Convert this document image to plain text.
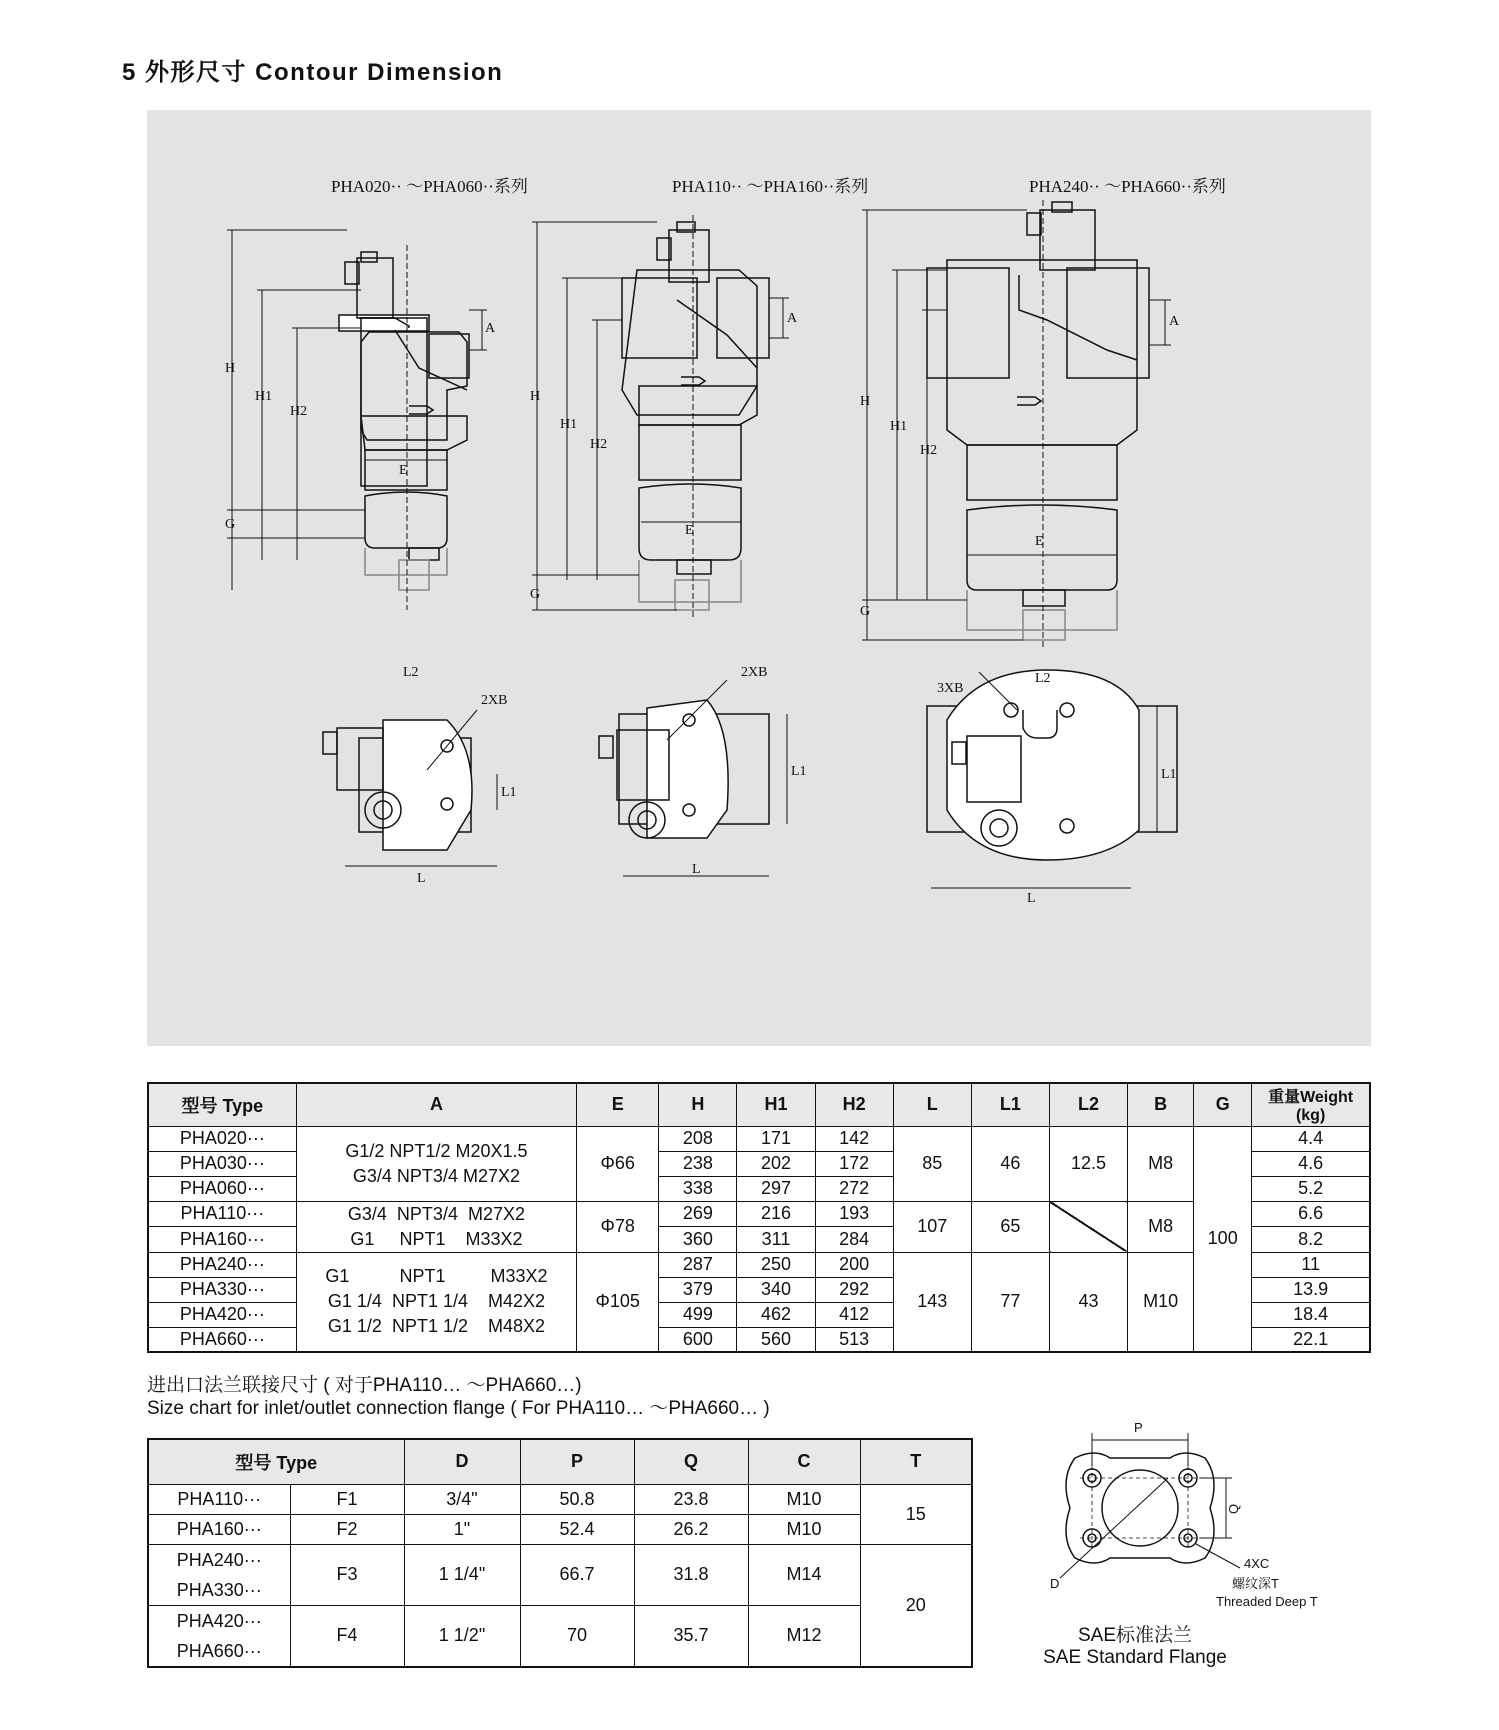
5 外形尺寸 Contour Dimension
PHA020·· ～PHA060··系列	PHA110·· ～PHA160··系列	PHA240·· ～PHA660··系列
H
H1
H2
G
A
E
H
H1
H2
G
A
E
H
H1
H2
G
A
E
L
L1
L2
2XB
L
L1
2XB
L
L1
L2
3XB
型号 Type	A	E	H	H1	H2	L	L1	L2	B	G	重量Weight (kg)
PHA020···	G1/2 NPT1/2 M20X1.5
G3/4 NPT3/4 M27X2	Φ66	208	171	142	85	46	12.5	M8	100	4.4
PHA030···			238	202	172						4.6
PHA060···			338	297	272						5.2
PHA110···	G3/4  NPT3/4  M27X2
G1     NPT1    M33X2	Φ78	269	216	193	107	65		M8		6.6
PHA160···			360	311	284						8.2
PHA240···	G1          NPT1         M33X2
G1 1/4  NPT1 1/4    M42X2
G1 1/2  NPT1 1/2    M48X2	Φ105	287	250	200	143	77	43	M10		11
PHA330···			379	340	292						13.9
PHA420···			499	462	412						18.4
PHA660···			600	560	513						22.1
进出口法兰联接尺寸 ( 对于PHA110… ～PHA660…)
Size chart for inlet/outlet connection flange ( For PHA110… ～PHA660… )
型号 Type		D	P	Q	C	T
PHA110···	F1	3/4"	50.8	23.8	M10	15
PHA160···	F2	1"	52.4	26.2	M10	

PHA240···
PHA330···	F3	1 1/4"	66.7	31.8	M14	20

PHA420···
PHA660···	F4	1 1/2"	70	35.7	M12	
P
Q
D
4XC
螺纹深T
Threaded Deep T
SAE标准法兰
SAE Standard Flange
